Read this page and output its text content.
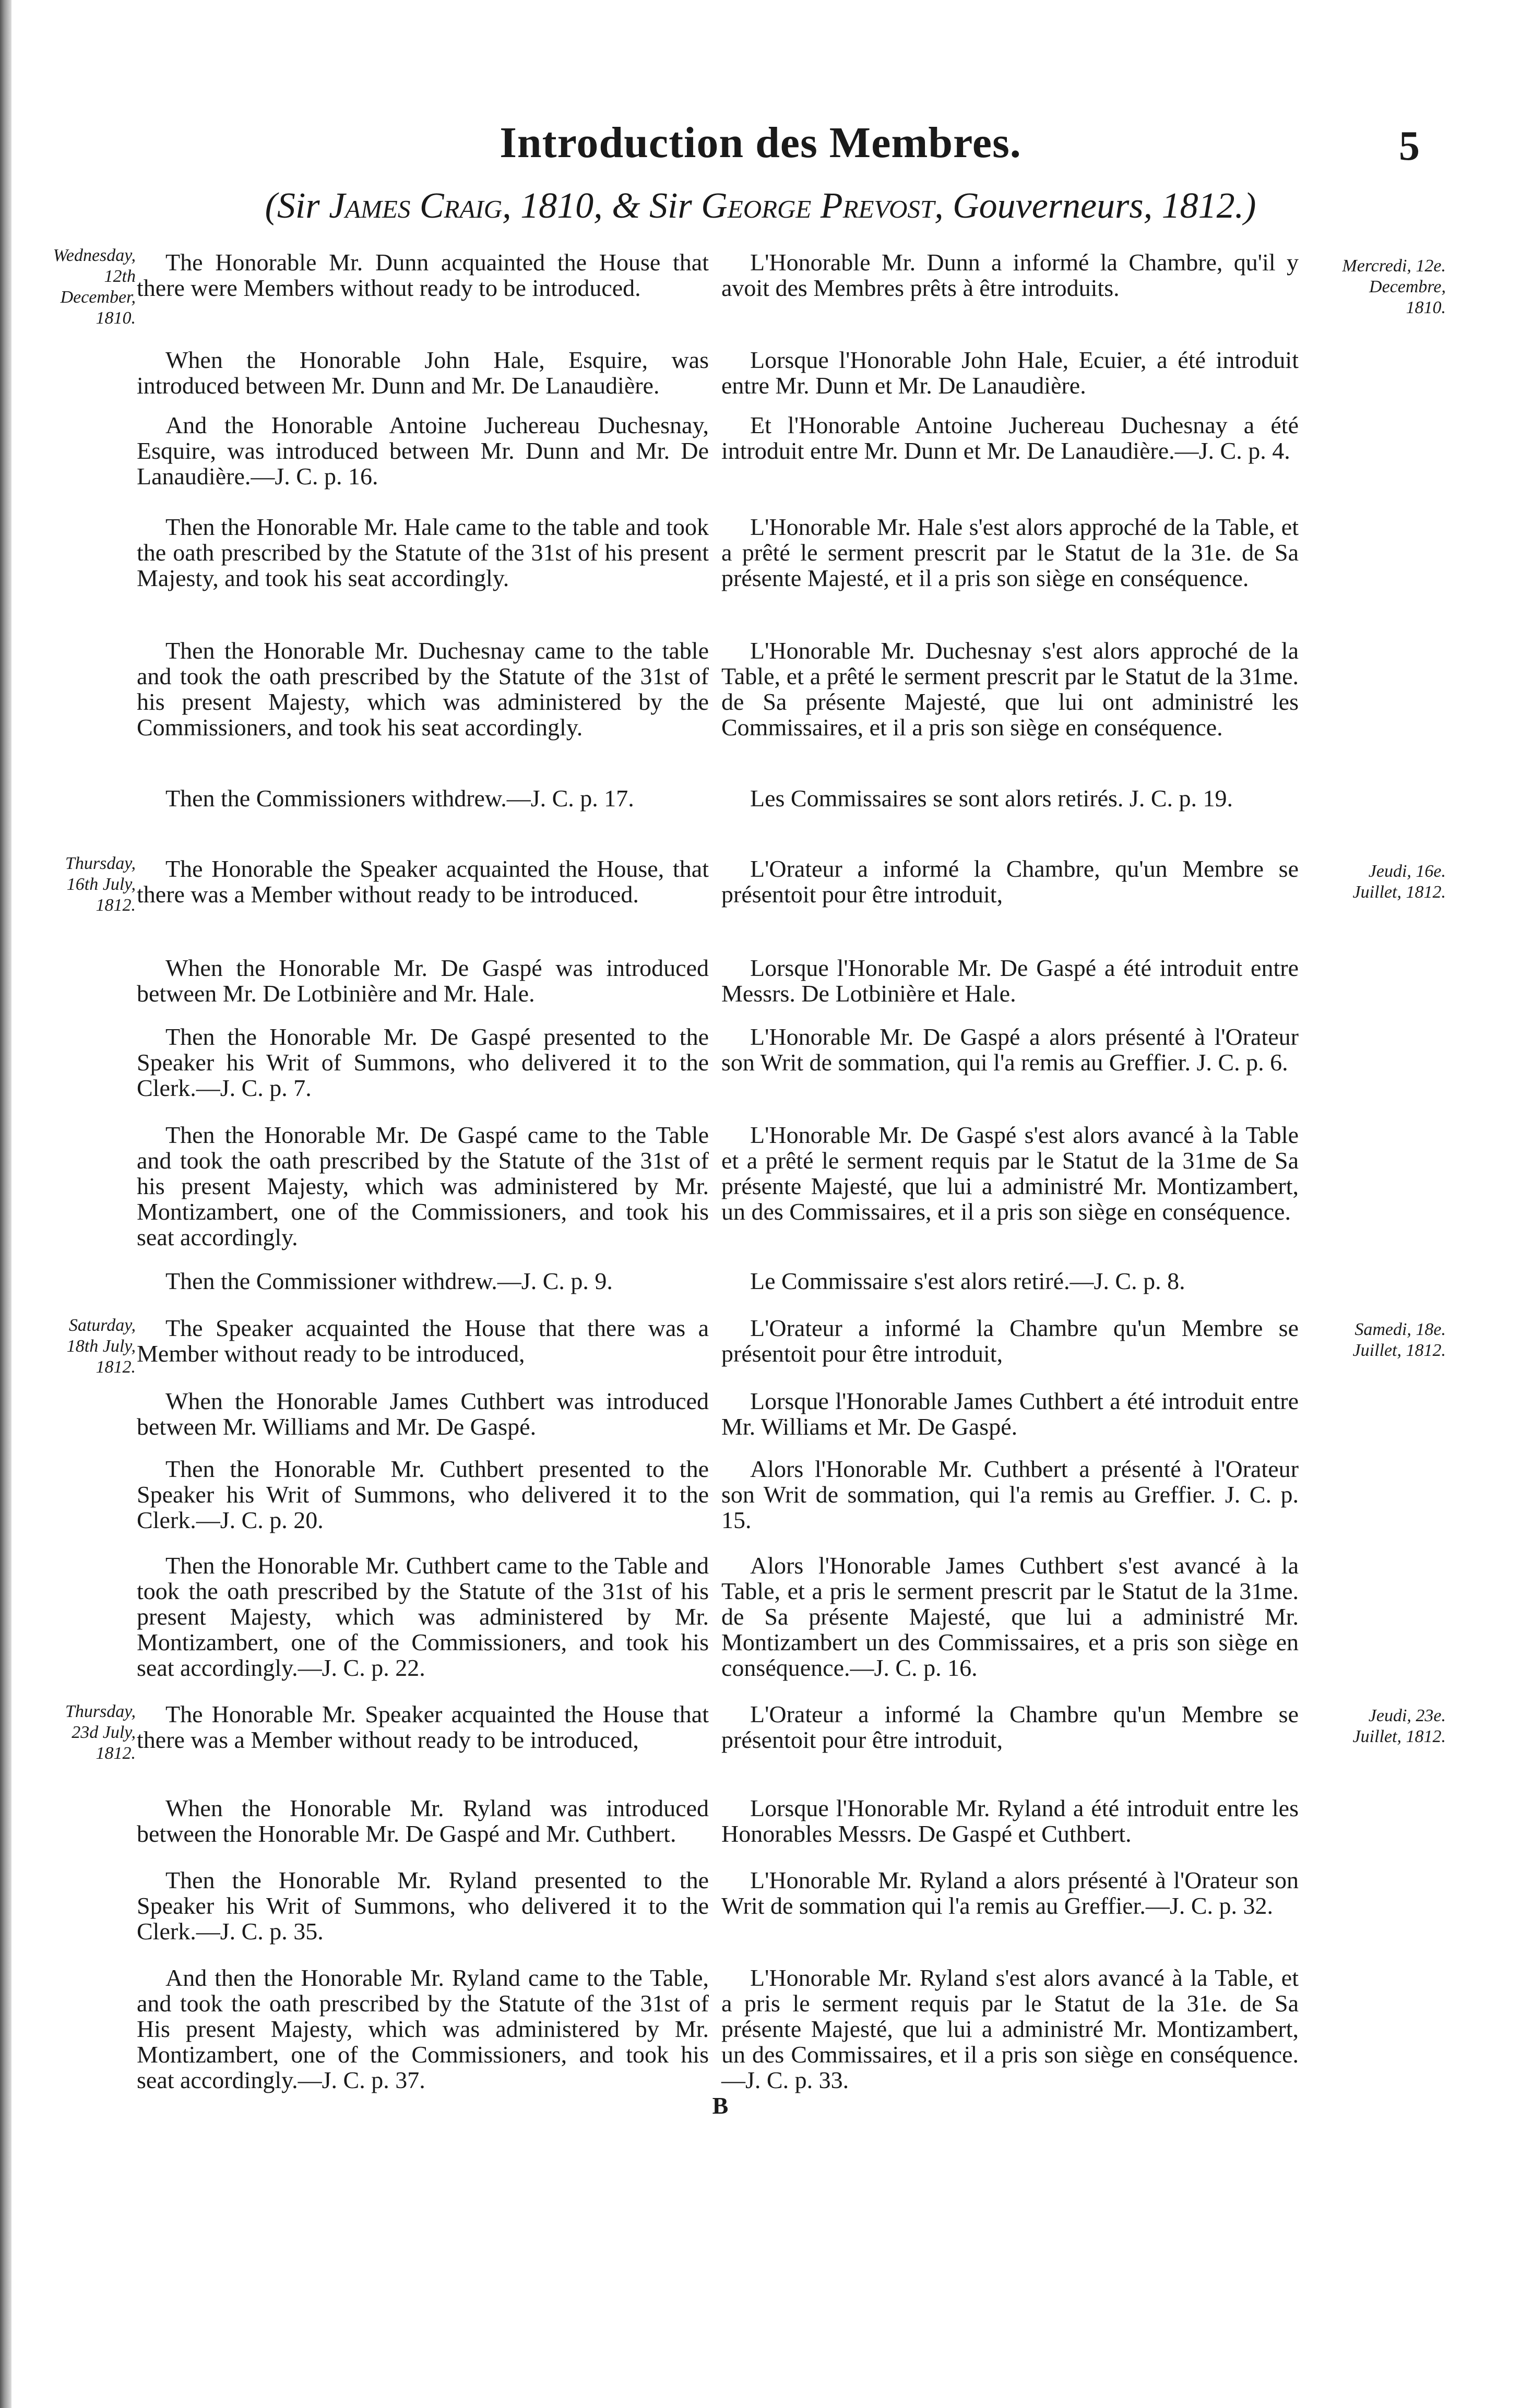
Introduction des Membres.	5
(Sir James Craig, 1810, & Sir George Prevost, Gouverneurs, 1812.)
Wednesday, 12th December, 1810.
Mercredi, 12e. Decembre, 1810.
Thursday, 16th July, 1812.
Jeudi, 16e. Juillet, 1812.
Saturday, 18th July, 1812.
Samedi, 18e. Juillet, 1812.
Thursday, 23d July, 1812.
Jeudi, 23e. Juillet, 1812.
The Honorable Mr. Dunn acquainted the House that there were Members without ready to be introduced.
When the Honorable John Hale, Esquire, was introduced between Mr. Dunn and Mr. De Lanaudière.
And the Honorable Antoine Juchereau Duchesnay, Esquire, was introduced between Mr. Dunn and Mr. De Lanaudière.—J. C. p. 16.
Then the Honorable Mr. Hale came to the table and took the oath prescribed by the Statute of the 31st of his present Majesty, and took his seat accordingly.
Then the Honorable Mr. Duchesnay came to the table and took the oath prescribed by the Statute of the 31st of his present Majesty, which was administered by the Commissioners, and took his seat accordingly.
Then the Commissioners withdrew.—J. C. p. 17.
The Honorable the Speaker acquainted the House, that there was a Member without ready to be introduced.
When the Honorable Mr. De Gaspé was introduced between Mr. De Lotbinière and Mr. Hale.
Then the Honorable Mr. De Gaspé presented to the Speaker his Writ of Summons, who delivered it to the Clerk.—J. C. p. 7.
Then the Honorable Mr. De Gaspé came to the Table and took the oath prescribed by the Statute of the 31st of his present Majesty, which was administered by Mr. Montizambert, one of the Commissioners, and took his seat accordingly.
Then the Commissioner withdrew.—J. C. p. 9.
The Speaker acquainted the House that there was a Member without ready to be introduced,
When the Honorable James Cuthbert was introduced between Mr. Williams and Mr. De Gaspé.
Then the Honorable Mr. Cuthbert presented to the Speaker his Writ of Summons, who delivered it to the Clerk.—J. C. p. 20.
Then the Honorable Mr. Cuthbert came to the Table and took the oath prescribed by the Statute of the 31st of his present Majesty, which was administered by Mr. Montizambert, one of the Commissioners, and took his seat accordingly.—J. C. p. 22.
The Honorable Mr. Speaker acquainted the House that there was a Member without ready to be introduced,
When the Honorable Mr. Ryland was introduced between the Honorable Mr. De Gaspé and Mr. Cuthbert.
Then the Honorable Mr. Ryland presented to the Speaker his Writ of Summons, who delivered it to the Clerk.—J. C. p. 35.
And then the Honorable Mr. Ryland came to the Table, and took the oath prescribed by the Statute of the 31st of His present Majesty, which was administered by Mr. Montizambert, one of the Commissioners, and took his seat accordingly.—J. C. p. 37.
L'Honorable Mr. Dunn a informé la Chambre, qu'il y avoit des Membres prêts à être introduits.
Lorsque l'Honorable John Hale, Ecuier, a été introduit entre Mr. Dunn et Mr. De Lanaudière.
Et l'Honorable Antoine Juchereau Duchesnay a été introduit entre Mr. Dunn et Mr. De Lanaudière.—J. C. p. 4.
L'Honorable Mr. Hale s'est alors approché de la Table, et a prêté le serment prescrit par le Statut de la 31e. de Sa présente Majesté, et il a pris son siège en conséquence.
L'Honorable Mr. Duchesnay s'est alors approché de la Table, et a prêté le serment prescrit par le Statut de la 31me. de Sa présente Majesté, que lui ont administré les Commissaires, et il a pris son siège en conséquence.
Les Commissaires se sont alors retirés. J. C. p. 19.
L'Orateur a informé la Chambre, qu'un Membre se présentoit pour être introduit,
Lorsque l'Honorable Mr. De Gaspé a été introduit entre Messrs. De Lotbinière et Hale.
L'Honorable Mr. De Gaspé a alors présenté à l'Orateur son Writ de sommation, qui l'a remis au Greffier. J. C. p. 6.
L'Honorable Mr. De Gaspé s'est alors avancé à la Table et a prêté le serment requis par le Statut de la 31me de Sa présente Majesté, que lui a administré Mr. Montizambert, un des Commissaires, et il a pris son siège en conséquence.
Le Commissaire s'est alors retiré.—J. C. p. 8.
L'Orateur a informé la Chambre qu'un Membre se présentoit pour être introduit,
Lorsque l'Honorable James Cuthbert a été introduit entre Mr. Williams et Mr. De Gaspé.
Alors l'Honorable Mr. Cuthbert a présenté à l'Orateur son Writ de sommation, qui l'a remis au Greffier. J. C. p. 15.
Alors l'Honorable James Cuthbert s'est avancé à la Table, et a pris le serment prescrit par le Statut de la 31me. de Sa présente Majesté, que lui a administré Mr. Montizambert un des Commissaires, et a pris son siège en conséquence.—J. C. p. 16.
L'Orateur a informé la Chambre qu'un Membre se présentoit pour être introduit,
Lorsque l'Honorable Mr. Ryland a été introduit entre les Honorables Messrs. De Gaspé et Cuthbert.
L'Honorable Mr. Ryland a alors présenté à l'Orateur son Writ de sommation qui l'a remis au Greffier.—J. C. p. 32.
L'Honorable Mr. Ryland s'est alors avancé à la Table, et a pris le serment requis par le Statut de la 31e. de Sa présente Majesté, que lui a administré Mr. Montizambert, un des Commissaires, et il a pris son siège en conséquence.—J. C. p. 33.
B
